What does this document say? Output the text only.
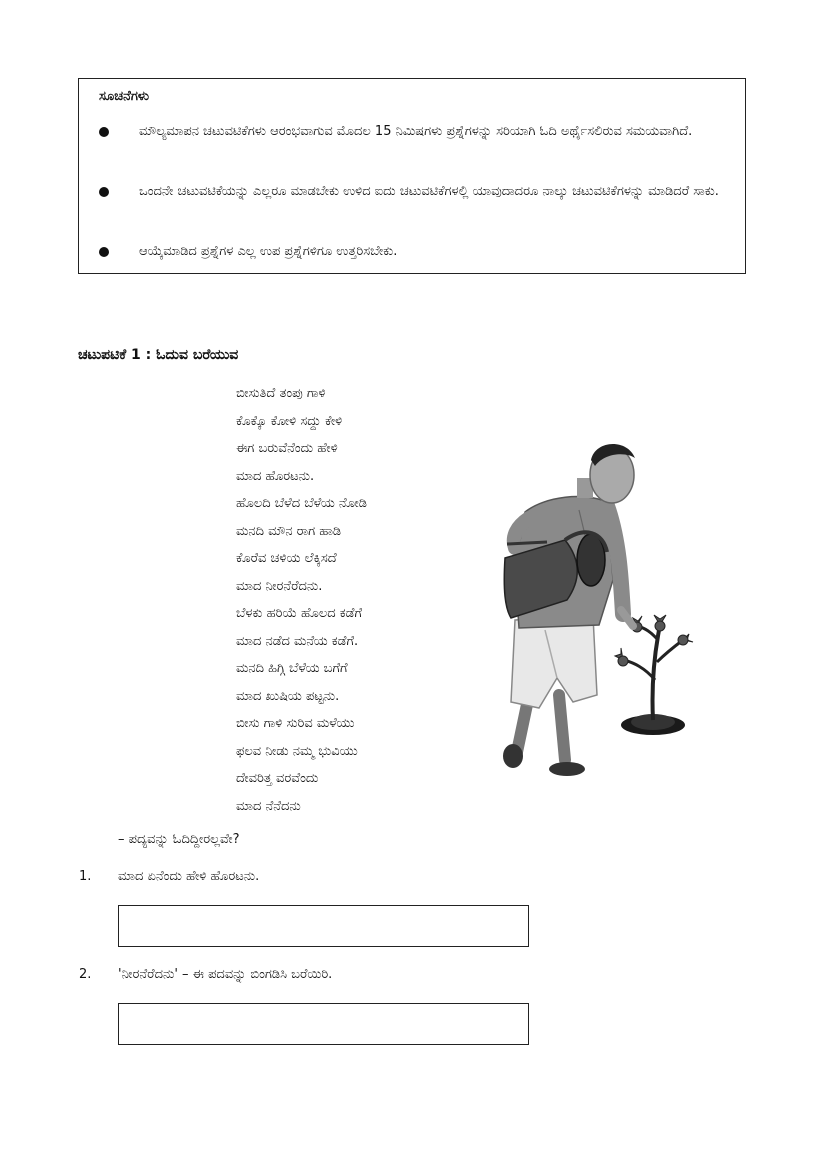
ಸೂಚನೆಗಳು
ಮೌಲ್ಯಮಾಪನ ಚಟುವಟಿಕೆಗಳು ಆರಂಭವಾಗುವ ಮೊದಲ 15 ನಿಮಿಷಗಳು ಪ್ರಶ್ನೆಗಳನ್ನು ಸರಿಯಾಗಿ ಓದಿ ಅರ್ಥೈಸಲಿರುವ ಸಮಯವಾಗಿದೆ.
ಒಂದನೇ ಚಟುವಟಿಕೆಯನ್ನು ಎಲ್ಲರೂ ಮಾಡಬೇಕು ಉಳಿದ ಐದು ಚಟುವಟಿಕೆಗಳಲ್ಲಿ ಯಾವುದಾದರೂ ನಾಲ್ಕು ಚಟುವಟಿಕೆಗಳನ್ನು ಮಾಡಿದರೆ ಸಾಕು.
ಆಯ್ಕೆಮಾಡಿದ ಪ್ರಶ್ನೆಗಳ ಎಲ್ಲ ಉಪ ಪ್ರಶ್ನೆಗಳಿಗೂ ಉತ್ತರಿಸಬೇಕು.
ಚಟುಪಟಿಕೆ 1 : ಓದುವ ಬರೆಯುವ
ಬೀಸುತಿದೆ ತಂಪು ಗಾಳಿ
ಕೊಕ್ಕೊ ಕೋಳಿ ಸದ್ದು ಕೇಳಿ
ಈಗ ಬರುವೆನೆಂದು ಹೇಳಿ
ಮಾದ ಹೊರಟನು.
ಹೊಲದಿ ಬೆಳೆದ ಬೆಳೆಯ ನೋಡಿ
ಮನದಿ ಮೌನ ರಾಗ ಹಾಡಿ
ಕೊರೆವ ಚಳಿಯ ಲೆಕ್ಕಿಸದೆ
ಮಾದ ನೀರನೆರೆದನು.
ಬೆಳಕು ಹರಿಯೆ ಹೊಲದ ಕಡೆಗೆ
ಮಾದ ನಡೆದ ಮನೆಯ ಕಡೆಗೆ.
ಮನದಿ ಹಿಗ್ಗಿ ಬೆಳೆಯ ಬಗೆಗೆ
ಮಾದ ಖುಷಿಯ ಪಟ್ಟನು.
ಬೀಸು ಗಾಳಿ ಸುರಿವ ಮಳೆಯು
ಫಲವ ನೀಡು ನಮ್ಮ ಭುವಿಯು
ದೇವರಿತ್ತ ವರವೆಂದು
ಮಾದ ನೆನೆದನು
– ಪದ್ಯವನ್ನು ಓದಿದ್ದೀರಲ್ಲವೇ?
1. ಮಾದ ಏನೆಂದು ಹೇಳಿ ಹೊರಟನು.
2. 'ನೀರನೆರೆದನು' – ಈ ಪದವನ್ನು ಬಿಂಗಡಿಸಿ ಬರೆಯಿರಿ.
